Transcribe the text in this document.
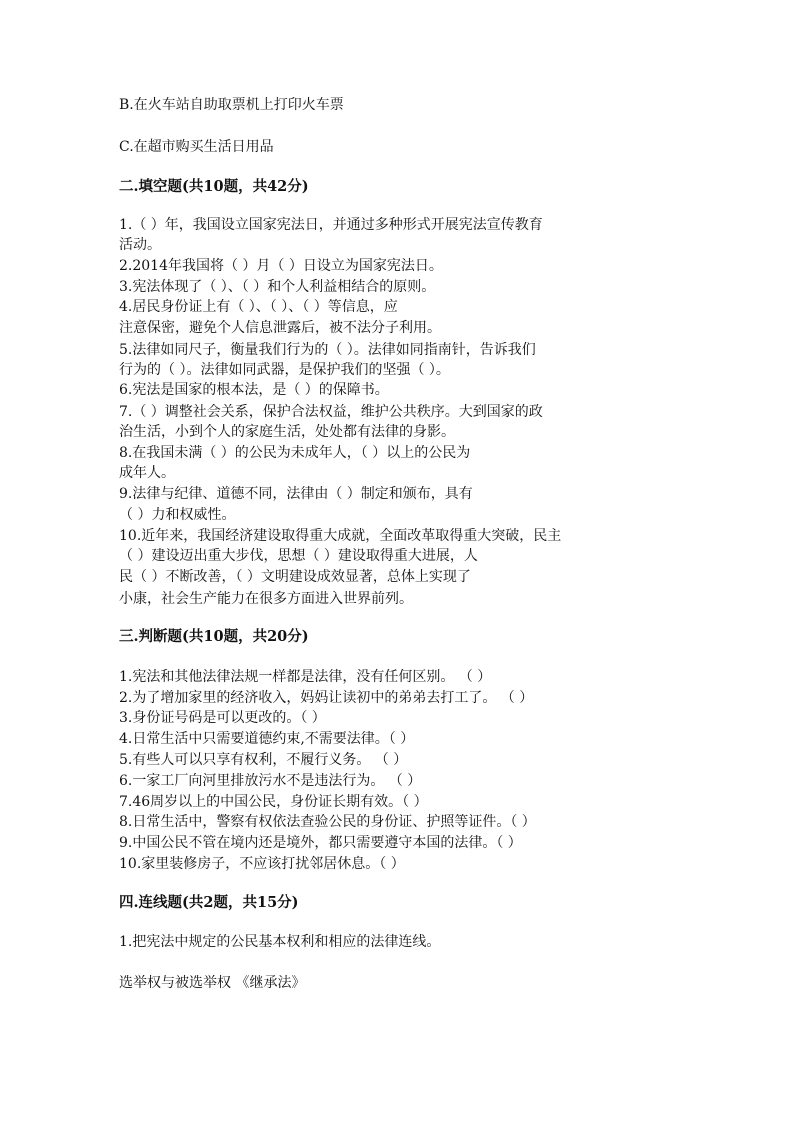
B.在火车站自助取票机上打印火车票
C.在超市购买生活日用品
二.填空题(共10题，共42分)
1.（ ）年，我国设立国家宪法日，并通过多种形式开展宪法宣传教育
活动。
2.2014年我国将（ ）月（ ）日设立为国家宪法日。
3.宪法体现了（ ）、（ ）和个人利益相结合的原则。
4.居民身份证上有（ ）、（ ）、（ ）等信息，应
注意保密，避免个人信息泄露后，被不法分子利用。
5.法律如同尺子，衡量我们行为的（ ）。法律如同指南针，告诉我们
行为的（ ）。法律如同武器，是保护我们的坚强（ ）。
6.宪法是国家的根本法，是（ ）的保障书。
7.（ ）调整社会关系，保护合法权益，维护公共秩序。大到国家的政
治生活，小到个人的家庭生活，处处都有法律的身影。
8.在我国未满（ ）的公民为未成年人，（ ）以上的公民为
成年人。
9.法律与纪律、道德不同，法律由（ ）制定和颁布，具有
（ ）力和权威性。
10.近年来，我国经济建设取得重大成就，全面改革取得重大突破，民主
（ ）建设迈出重大步伐，思想（ ）建设取得重大进展，人
民（ ）不断改善，（ ）文明建设成效显著，总体上实现了
小康，社会生产能力在很多方面进入世界前列。
三.判断题(共10题，共20分)
1.宪法和其他法律法规一样都是法律，没有任何区别。 （ ）
2.为了增加家里的经济收入，妈妈让读初中的弟弟去打工了。 （ ）
3.身份证号码是可以更改的。（ ）
4.日常生活中只需要道德约束,不需要法律。（ ）
5.有些人可以只享有权利，不履行义务。 （ ）
6.一家工厂向河里排放污水不是违法行为。 （ ）
7.46周岁以上的中国公民，身份证长期有效。（ ）
8.日常生活中，警察有权依法查验公民的身份证、护照等证件。（ ）
9.中国公民不管在境内还是境外，都只需要遵守本国的法律。（ ）
10.家里装修房子，不应该打扰邻居休息。（ ）
四.连线题(共2题，共15分)
1.把宪法中规定的公民基本权利和相应的法律连线。
选举权与被选举权 《继承法》
